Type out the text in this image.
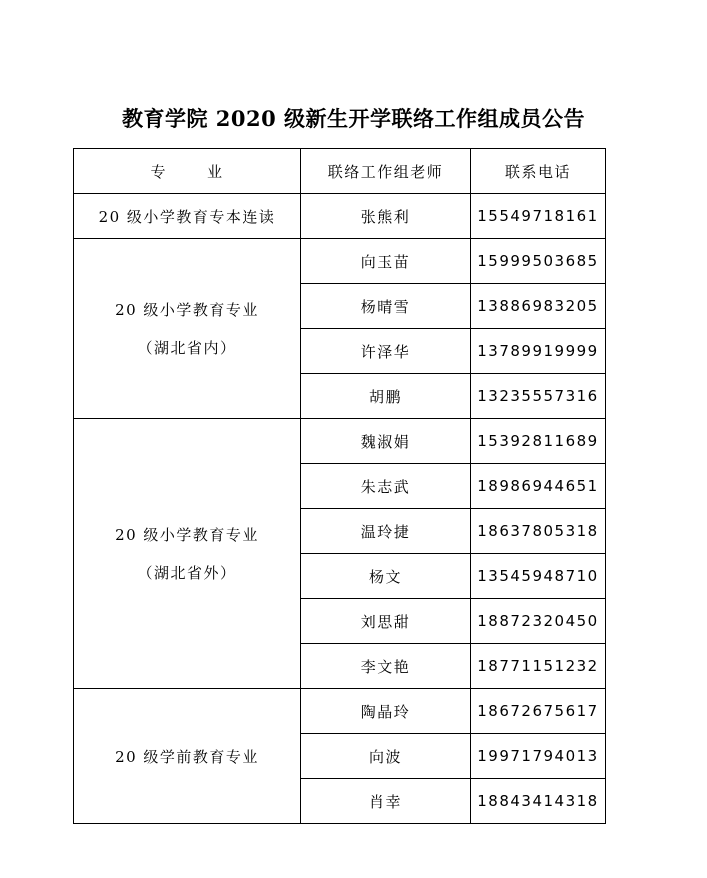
教育学院 2020 级新生开学联络工作组成员公告
专 业	联络工作组老师	联系电话
20 级小学教育专本连读	张熊利	15549718161

20 级小学教育专业
（湖北省内）	向玉苗	15999503685
	杨晴雪	13886983205
	许泽华	13789919999
	胡鹏	13235557316

20 级小学教育专业
（湖北省外）	魏淑娟	15392811689
	朱志武	18986944651
	温玲捷	18637805318
	杨文	13545948710
	刘思甜	18872320450
	李文艳	18771151232
20 级学前教育专业	陶晶玲	18672675617
	向波	19971794013
	肖幸	18843414318
